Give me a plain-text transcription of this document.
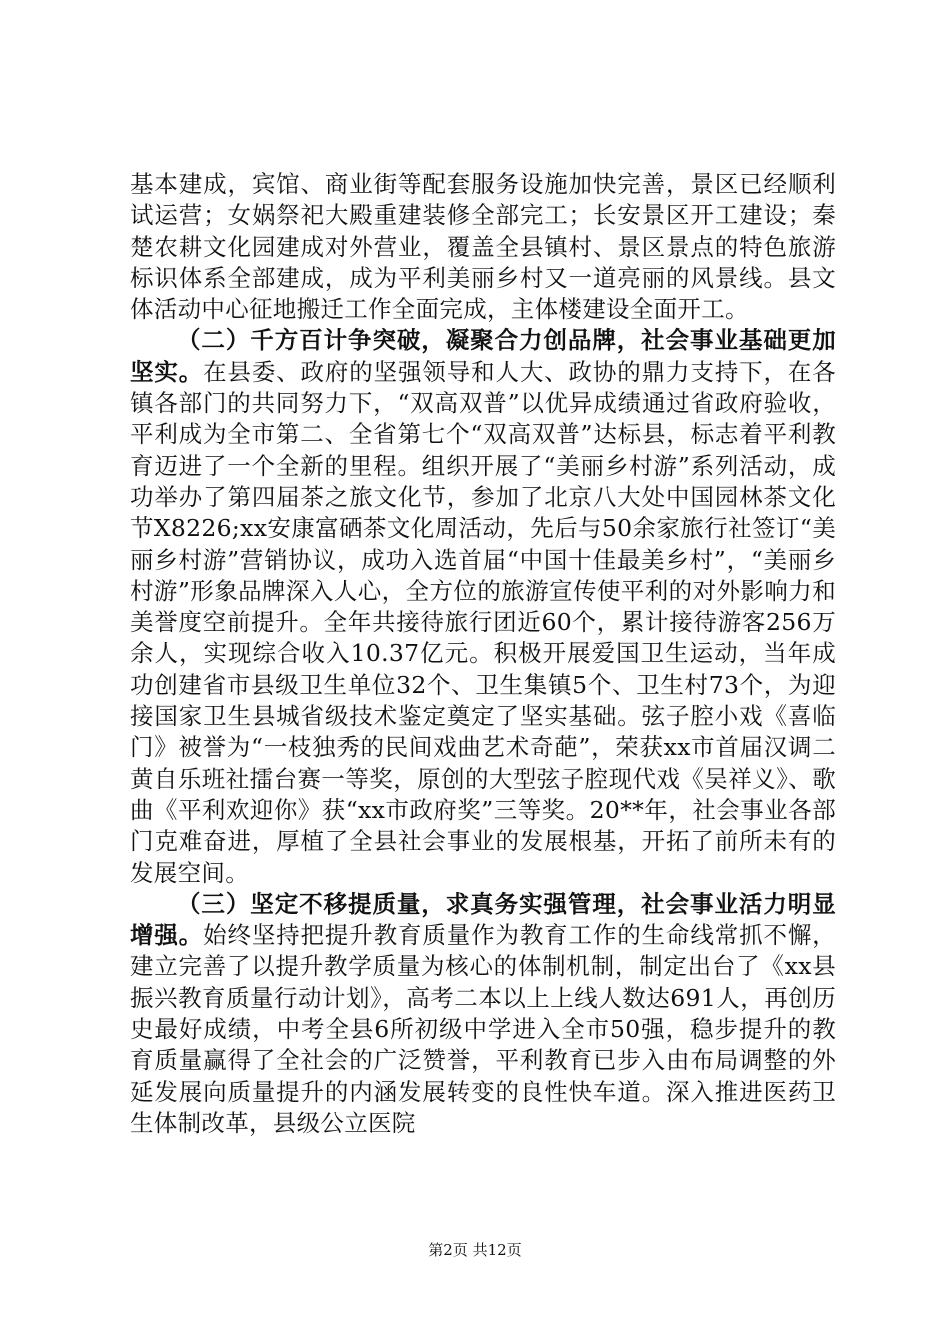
基本建成，宾馆、商业街等配套服务设施加快完善，景区已经顺利试运营；女娲祭祀大殿重建装修全部完工；长安景区开工建设；秦楚农耕文化园建成对外营业，覆盖全县镇村、景区景点的特色旅游标识体系全部建成，成为平利美丽乡村又一道亮丽的风景线。县文体活动中心征地搬迁工作全面完成，主体楼建设全面开工。

（二）千方百计争突破，凝聚合力创品牌，社会事业基础更加坚实。在县委、政府的坚强领导和人大、政协的鼎力支持下，在各镇各部门的共同努力下，“双高双普”以优异成绩通过省政府验收，平利成为全市第二、全省第七个“双高双普”达标县，标志着平利教育迈进了一个全新的里程。组织开展了“美丽乡村游”系列活动，成功举办了第四届茶之旅文化节，参加了北京八大处中国园林茶文化节X8226;xx安康富硒茶文化周活动，先后与50余家旅行社签订“美丽乡村游”营销协议，成功入选首届“中国十佳最美乡村”，“美丽乡村游”形象品牌深入人心，全方位的旅游宣传使平利的对外影响力和美誉度空前提升。全年共接待旅行团近60个，累计接待游客256万余人，实现综合收入10.37亿元。积极开展爱国卫生运动，当年成功创建省市县级卫生单位32个、卫生集镇5个、卫生村73个，为迎接国家卫生县城省级技术鉴定奠定了坚实基础。弦子腔小戏《喜临门》被誉为“一枝独秀的民间戏曲艺术奇葩”，荣获xx市首届汉调二黄自乐班社擂台赛一等奖，原创的大型弦子腔现代戏《吴祥义》、歌曲《平利欢迎你》获“xx市政府奖”三等奖。20**年，社会事业各部门克难奋进，厚植了全县社会事业的发展根基，开拓了前所未有的发展空间。

（三）坚定不移提质量，求真务实强管理，社会事业活力明显增强。始终坚持把提升教育质量作为教育工作的生命线常抓不懈，建立完善了以提升教学质量为核心的体制机制，制定出台了《xx县振兴教育质量行动计划》，高考二本以上上线人数达691人，再创历史最好成绩，中考全县6所初级中学进入全市50强，稳步提升的教育质量赢得了全社会的广泛赞誉，平利教育已步入由布局调整的外延发展向质量提升的内涵发展转变的良性快车道。深入推进医药卫生体制改革，县级公立医院

第2页 共12页
